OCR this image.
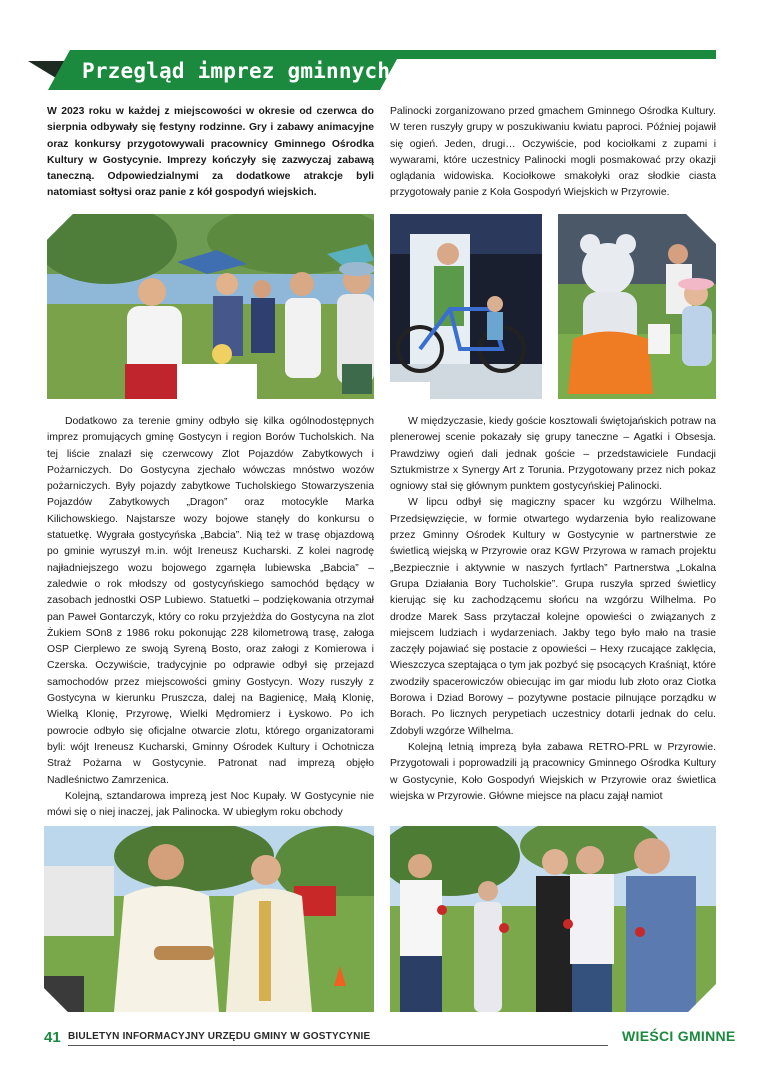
Przegląd imprez gminnych

W 2023 roku w każdej z miejscowości w okresie od czerwca do sierpnia odbywały się festyny rodzinne. Gry i zabawy animacyjne oraz konkursy przygotowywali pracownicy Gminnego Ośrodka Kultury w Gostycynie. Imprezy kończyły się zazwyczaj zabawą taneczną. Odpowiedzialnymi za dodatkowe atrakcje byli natomiast sołtysi oraz panie z kół gospodyń wiejskich.

Palinocki zorganizowano przed gmachem Gminnego Ośrodka Kultury. W teren ruszyły grupy w poszukiwaniu kwiatu paproci. Później pojawił się ogień. Jeden, drugi… Oczywiście, pod kociołkami z zupami i wywarami, które uczestnicy Palinocki mogli posmakować przy okazji oglądania widowiska. Kociołkowe smakołyki oraz słodkie ciasta przygotowały panie z Koła Gospodyń Wiejskich w Przyrowie.

Dodatkowo za terenie gminy odbyło się kilka ogólnodostępnych imprez promujących gminę Gostycyn i region Borów Tucholskich. Na tej liście znalazł się czerwcowy Zlot Pojazdów Zabytkowych i Pożarniczych. Do Gostycyna zjechało wówczas mnóstwo wozów pożarniczych. Były pojazdy zabytkowe Tucholskiego Stowarzyszenia Pojazdów Zabytkowych „Dragon” oraz motocykle Marka Kilichowskiego. Najstarsze wozy bojowe stanęły do konkursu o statuetkę. Wygrała gostycyńska „Babcia”. Nią też w trasę objazdową po gminie wyruszył m.in. wójt Ireneusz Kucharski. Z kolei nagrodę najładniejszego wozu bojowego zgarnęła lubiewska „Babcia” – zaledwie o rok młodszy od gostycyńskiego samochód będący w zasobach jednostki OSP Lubiewo. Statuetki – podziękowania otrzymał pan Paweł Gontarczyk, który co roku przyjeżdża do Gostycyna na zlot Żukiem SOn8 z 1986 roku pokonując 228 kilometrową trasę, załoga OSP Cierplewo ze swoją Syreną Bosto, oraz załogi z Komierowa i Czerska. Oczywiście, tradycyjnie po odprawie odbył się przejazd samochodów przez miejscowości gminy Gostycyn. Wozy ruszyły z Gostycyna w kierunku Pruszcza, dalej na Bagienicę, Małą Klonię, Wielką Klonię, Przyrowę, Wielki Mędromierz i Łyskowo. Po ich powrocie odbyło się oficjalne otwarcie zlotu, którego organizatorami byli: wójt Ireneusz Kucharski, Gminny Ośrodek Kultury i Ochotnicza Straż Pożarna w Gostycynie. Patronat nad imprezą objęło Nadleśnictwo Zamrzenica.

Kolejną, sztandarowa imprezą jest Noc Kupały. W Gostycynie nie mówi się o niej inaczej, jak Palinocka. W ubiegłym roku obchody

W międzyczasie, kiedy goście kosztowali świętojańskich potraw na plenerowej scenie pokazały się grupy taneczne – Agatki i Obsesja. Prawdziwy ogień dali jednak goście – przedstawiciele Fundacji Sztukmistrze x Synergy Art z Torunia. Przygotowany przez nich pokaz ogniowy stał się głównym punktem gostycyńskiej Palinocki.

W lipcu odbył się magiczny spacer ku wzgórzu Wilhelma. Przedsięwzięcie, w formie otwartego wydarzenia było realizowane przez Gminny Ośrodek Kultury w Gostycynie w partnerstwie ze świetlicą wiejską w Przyrowie oraz KGW Przyrowa w ramach projektu „Bezpiecznie i aktywnie w naszych fyrtlach” Partnerstwa „Lokalna Grupa Działania Bory Tucholskie”. Grupa ruszyła sprzed świetlicy kierując się ku zachodzącemu słońcu na wzgórzu Wilhelma. Po drodze Marek Sass przytaczał kolejne opowieści o związanych z miejscem ludziach i wydarzeniach. Jakby tego było mało na trasie zaczęły pojawiać się postacie z opowieści – Hexy rzucające zaklęcia, Wieszczyca szeptająca o tym jak pozbyć się psocących Kraśniąt, które zwodziły spacerowiczów obiecując im gar miodu lub złoto oraz Ciotka Borowa i Dziad Borowy – pozytywne postacie pilnujące porządku w Borach. Po licznych perypetiach uczestnicy dotarli jednak do celu. Zdobyli wzgórze Wilhelma.

Kolejną letnią imprezą była zabawa RETRO-PRL w Przyrowie. Przygotowali i poprowadzili ją pracownicy Gminnego Ośrodka Kultury w Gostycynie, Koło Gospodyń Wiejskich w Przyrowie oraz świetlica wiejska w Przyrowie. Główne miejsce na placu zajął namiot

41 BIULETYN INFORMACYJNY URZĘDU GMINY W GOSTYCYNIE	WIEŚCI GMINNE
